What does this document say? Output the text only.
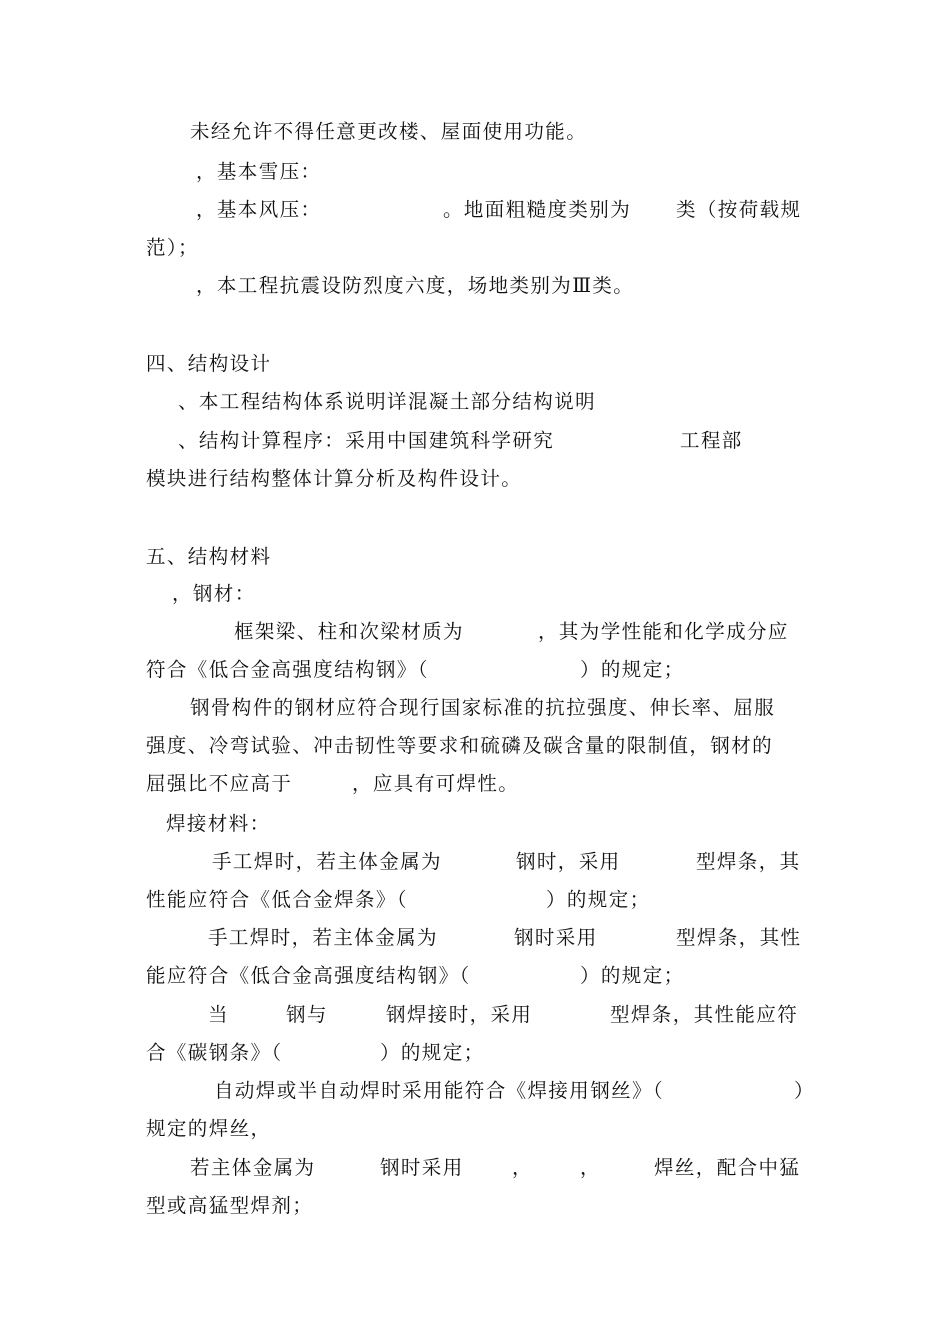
未经允许不得任意更改楼、屋面使用功能。
，基本雪压：
，基本风压：	。地面粗糙度类别为 类（按荷载规
范）；
，本工程抗震设防烈度六度，场地类别为Ⅲ类。
四、结构设计
、本工程结构体系说明详混凝土部分结构说明
、结构计算程序：采用中国建筑科学研究	工程部
模块进行结构整体计算分析及构件设计。
五、结构材料
，钢材：
框架梁、柱和次梁材质为	，其为学性能和化学成分应
符合《低合金高强度结构钢》（	）的规定；
钢骨构件的钢材应符合现行国家标准的抗拉强度、伸长率、屈服
强度、冷弯试验、冲击韧性等要求和硫磷及碳含量的限制值，钢材的
屈强比不应高于	，应具有可焊性。
焊接材料：
手工焊时，若主体金属为	钢时，采用	型焊条，其
性能应符合《低合金焊条》（	）的规定；
手工焊时，若主体金属为	钢时采用	型焊条，其性
能应符合《低合金高强度结构钢》（	）的规定；
当	钢与	钢焊接时，采用	型焊条，其性能应符
合《碳钢条》（	）的规定；
自动焊或半自动焊时采用能符合《焊接用钢丝》（	）
规定的焊丝，
若主体金属为	钢时采用 ， ，	焊丝，配合中猛
型或高猛型焊剂；
